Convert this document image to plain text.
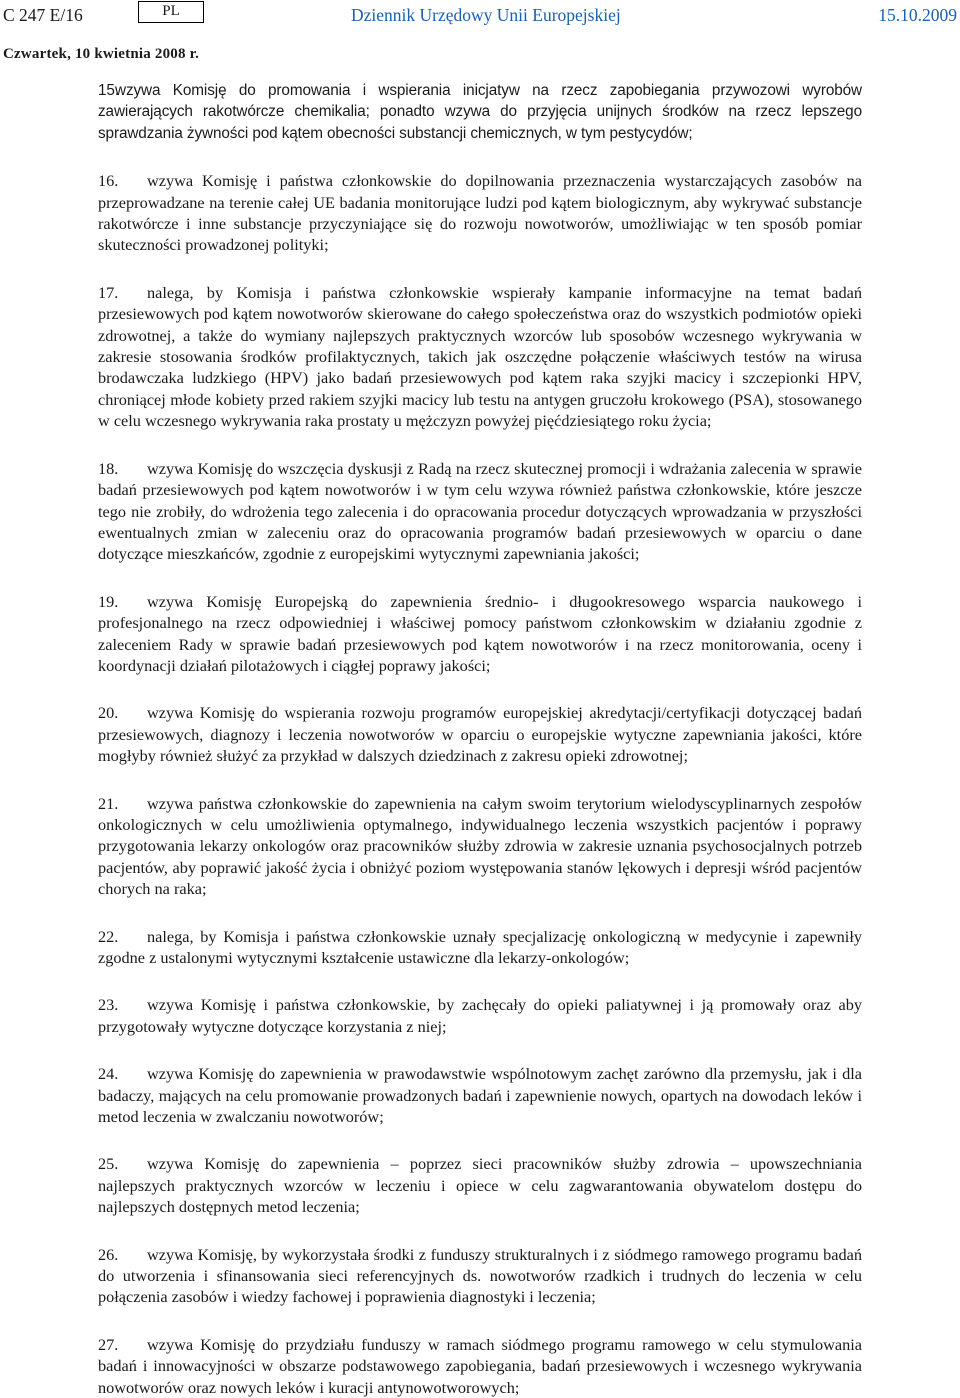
C 247 E/16	PL	Dziennik Urzędowy Unii Europejskiej	15.10.2009
Czwartek, 10 kwietnia 2008 r.

15.wzywa Komisję do promowania i wspierania inicjatyw na rzecz zapobiegania przywozowi wyrobów zawierających rakotwórcze chemikalia; ponadto wzywa do przyjęcia unijnych środków na rzecz lepszego sprawdzania żywności pod kątem obecności substancji chemicznych, w tym pestycydów;

16. wzywa Komisję i państwa członkowskie do dopilnowania przeznaczenia wystarczających zasobów na przeprowadzane na terenie całej UE badania monitorujące ludzi pod kątem biologicznym, aby wykrywać substancje rakotwórcze i inne substancje przyczyniające się do rozwoju nowotworów, umożliwiając w ten sposób pomiar skuteczności prowadzonej polityki;

17. nalega, by Komisja i państwa członkowskie wspierały kampanie informacyjne na temat badań przesiewowych pod kątem nowotworów skierowane do całego społeczeństwa oraz do wszystkich podmiotów opieki zdrowotnej, a także do wymiany najlepszych praktycznych wzorców lub sposobów wczesnego wykrywania w zakresie stosowania środków profilaktycznych, takich jak oszczędne połączenie właściwych testów na wirusa brodawczaka ludzkiego (HPV) jako badań przesiewowych pod kątem raka szyjki macicy i szczepionki HPV, chroniącej młode kobiety przed rakiem szyjki macicy lub testu na antygen gruczołu krokowego (PSA), stosowanego w celu wczesnego wykrywania raka prostaty u mężczyzn powyżej pięćdziesiątego roku życia;

18. wzywa Komisję do wszczęcia dyskusji z Radą na rzecz skutecznej promocji i wdrażania zalecenia w sprawie badań przesiewowych pod kątem nowotworów i w tym celu wzywa również państwa członkowskie, które jeszcze tego nie zrobiły, do wdrożenia tego zalecenia i do opracowania procedur dotyczących wprowadzania w przyszłości ewentualnych zmian w zaleceniu oraz do opracowania programów badań przesiewowych w oparciu o dane dotyczące mieszkańców, zgodnie z europejskimi wytycznymi zapewniania jakości;

19. wzywa Komisję Europejską do zapewnienia średnio- i długookresowego wsparcia naukowego i profesjonalnego na rzecz odpowiedniej i właściwej pomocy państwom członkowskim w działaniu zgodnie z zaleceniem Rady w sprawie badań przesiewowych pod kątem nowotworów i na rzecz monitorowania, oceny i koordynacji działań pilotażowych i ciągłej poprawy jakości;

20. wzywa Komisję do wspierania rozwoju programów europejskiej akredytacji/certyfikacji dotyczącej badań przesiewowych, diagnozy i leczenia nowotworów w oparciu o europejskie wytyczne zapewniania jakości, które mogłyby również służyć za przykład w dalszych dziedzinach z zakresu opieki zdrowotnej;

21. wzywa państwa członkowskie do zapewnienia na całym swoim terytorium wielodyscyplinarnych zespołów onkologicznych w celu umożliwienia optymalnego, indywidualnego leczenia wszystkich pacjentów i poprawy przygotowania lekarzy onkologów oraz pracowników służby zdrowia w zakresie uznania psychosocjalnych potrzeb pacjentów, aby poprawić jakość życia i obniżyć poziom występowania stanów lękowych i depresji wśród pacjentów chorych na raka;

22. nalega, by Komisja i państwa członkowskie uznały specjalizację onkologiczną w medycynie i zapewniły zgodne z ustalonymi wytycznymi kształcenie ustawiczne dla lekarzy-onkologów;

23. wzywa Komisję i państwa członkowskie, by zachęcały do opieki paliatywnej i ją promowały oraz aby przygotowały wytyczne dotyczące korzystania z niej;

24. wzywa Komisję do zapewnienia w prawodawstwie wspólnotowym zachęt zarówno dla przemysłu, jak i dla badaczy, mających na celu promowanie prowadzonych badań i zapewnienie nowych, opartych na dowodach leków i metod leczenia w zwalczaniu nowotworów;

25. wzywa Komisję do zapewnienia – poprzez sieci pracowników służby zdrowia – upowszechniania najlepszych praktycznych wzorców w leczeniu i opiece w celu zagwarantowania obywatelom dostępu do najlepszych dostępnych metod leczenia;

26. wzywa Komisję, by wykorzystała środki z funduszy strukturalnych i z siódmego ramowego programu badań do utworzenia i sfinansowania sieci referencyjnych ds. nowotworów rzadkich i trudnych do leczenia w celu połączenia zasobów i wiedzy fachowej i poprawienia diagnostyki i leczenia;

27. wzywa Komisję do przydziału funduszy w ramach siódmego programu ramowego w celu stymulowania badań i innowacyjności w obszarze podstawowego zapobiegania, badań przesiewowych i wczesnego wykrywania nowotworów oraz nowych leków i kuracji antynowotworowych;
